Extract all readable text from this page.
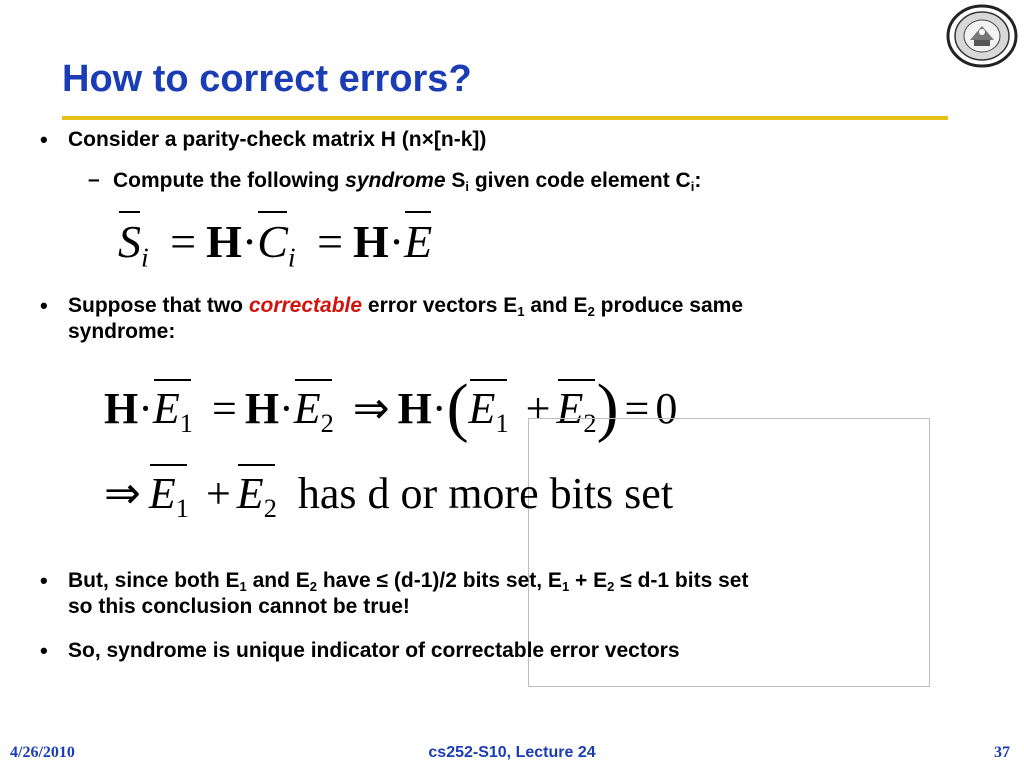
How to correct errors?
• Consider a parity-check matrix H (n×[n-k])
– Compute the following syndrome $S_i$ given code element $C_i$:
$S_i = H\cdot C_i = H\cdot E$
• Suppose that two correctable error vectors $E_1$ and $E_2$ produce same
syndrome:
$H\cdot E_1 = H\cdot E_2$ ⇒ $H\cdot(E_1 + E_2) = 0$
⇒ $E_1 + E_2$ has d or more bits set
• But, since both $E_1$ and $E_2$ have ≤ (d-1)/2 bits set, $E_1 + E_2 \le d-1$ bits set
so this conclusion cannot be true!
• So, syndrome is unique indicator of correctable error vectors
4/26/2010	cs252-S10, Lecture 24	37
